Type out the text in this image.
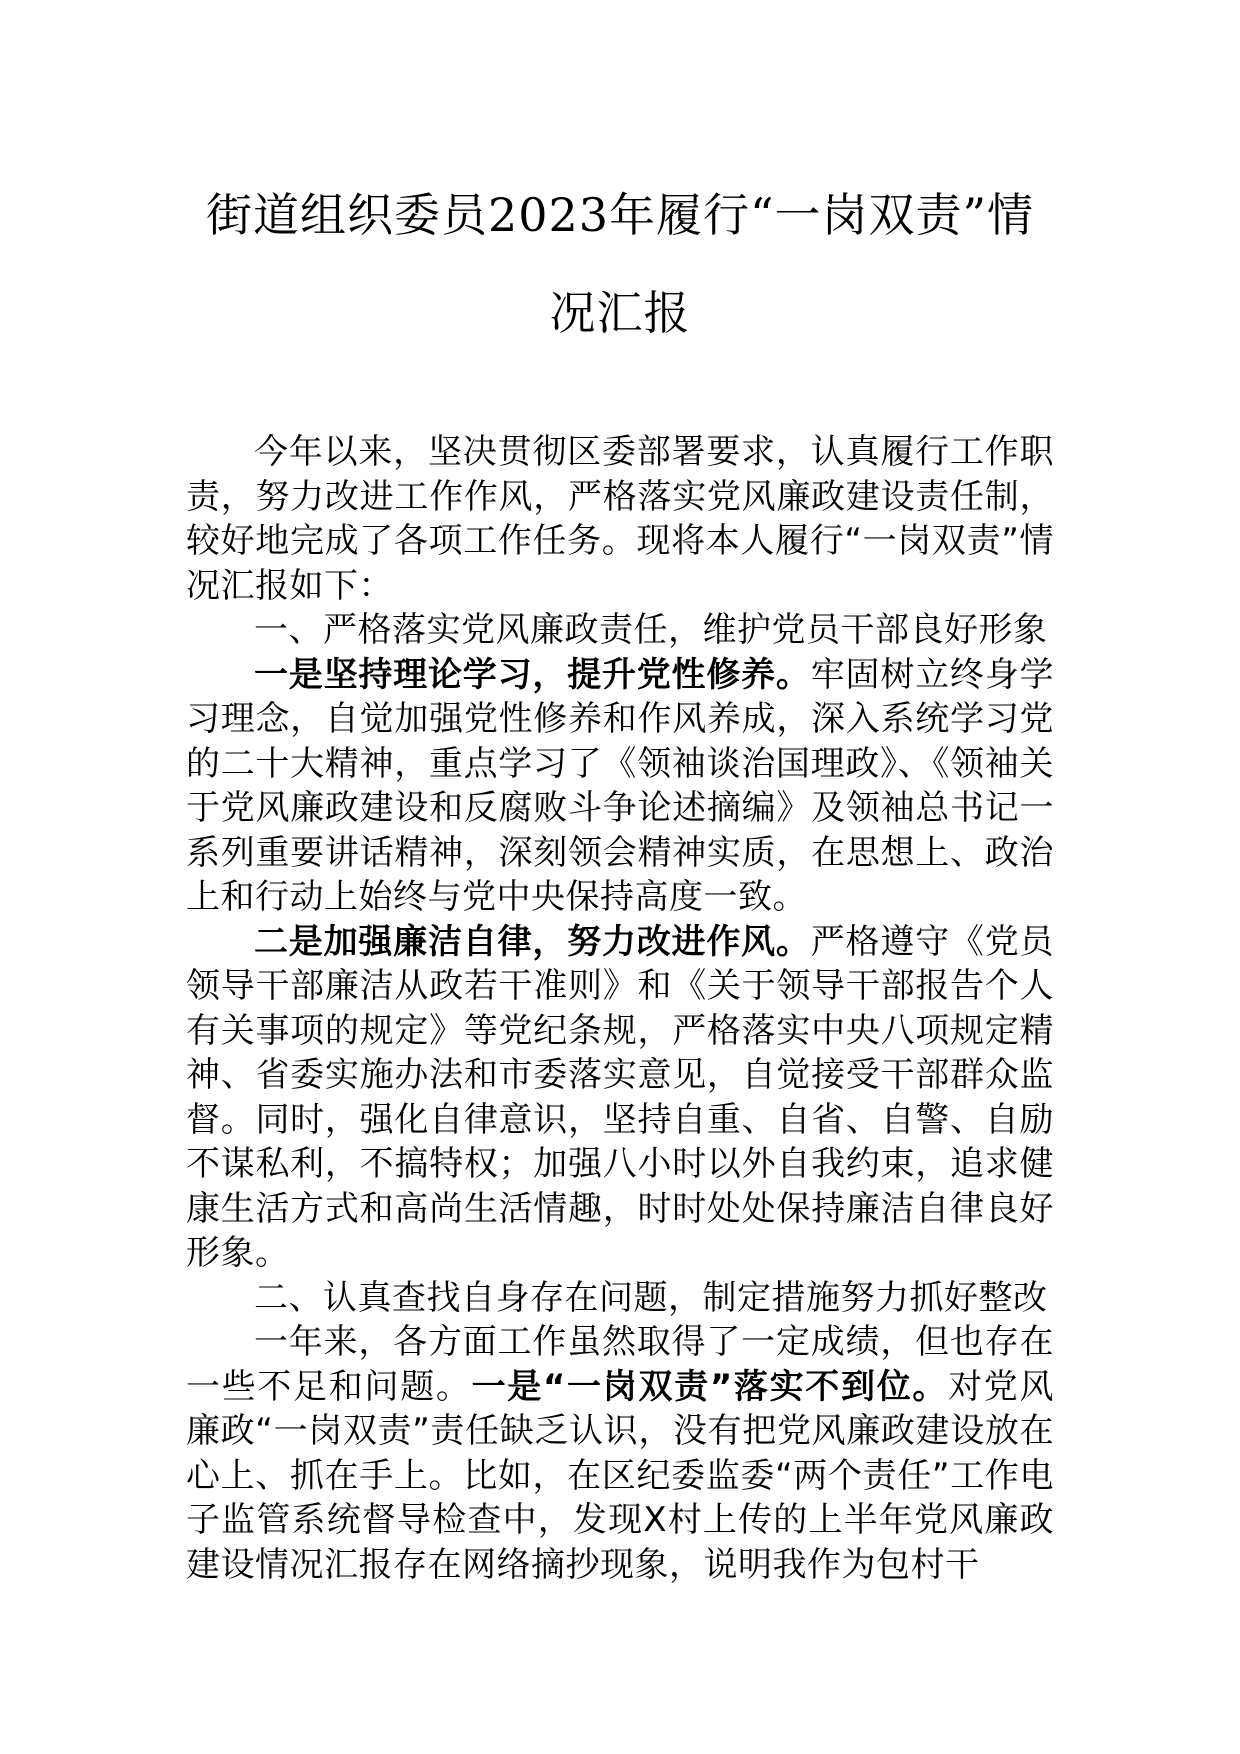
街道组织委员2023年履行“一岗双责”情
况汇报

今年以来，坚决贯彻区委部署要求，认真履行工作职责，努力改进工作作风，严格落实党风廉政建设责任制，较好地完成了各项工作任务。现将本人履行“一岗双责”情况汇报如下：

一、严格落实党风廉政责任，维护党员干部良好形象

一是坚持理论学习，提升党性修养。牢固树立终身学习理念，自觉加强党性修养和作风养成，深入系统学习党的二十大精神，重点学习了《领袖谈治国理政》、《领袖关于党风廉政建设和反腐败斗争论述摘编》及领袖总书记一系列重要讲话精神，深刻领会精神实质，在思想上、政治上和行动上始终与党中央保持高度一致。

二是加强廉洁自律，努力改进作风。严格遵守《党员领导干部廉洁从政若干准则》和《关于领导干部报告个人有关事项的规定》等党纪条规，严格落实中央八项规定精神、省委实施办法和市委落实意见，自觉接受干部群众监督。同时，强化自律意识，坚持自重、自省、自警、自励不谋私利，不搞特权；加强八小时以外自我约束，追求健康生活方式和高尚生活情趣，时时处处保持廉洁自律良好形象。

二、认真查找自身存在问题，制定措施努力抓好整改

一年来，各方面工作虽然取得了一定成绩，但也存在一些不足和问题。一是“一岗双责”落实不到位。对党风廉政“一岗双责”责任缺乏认识，没有把党风廉政建设放在心上、抓在手上。比如，在区纪委监委“两个责任”工作电子监管系统督导检查中，发现X村上传的上半年党风廉政建设情况汇报存在网络摘抄现象，说明我作为包村干
